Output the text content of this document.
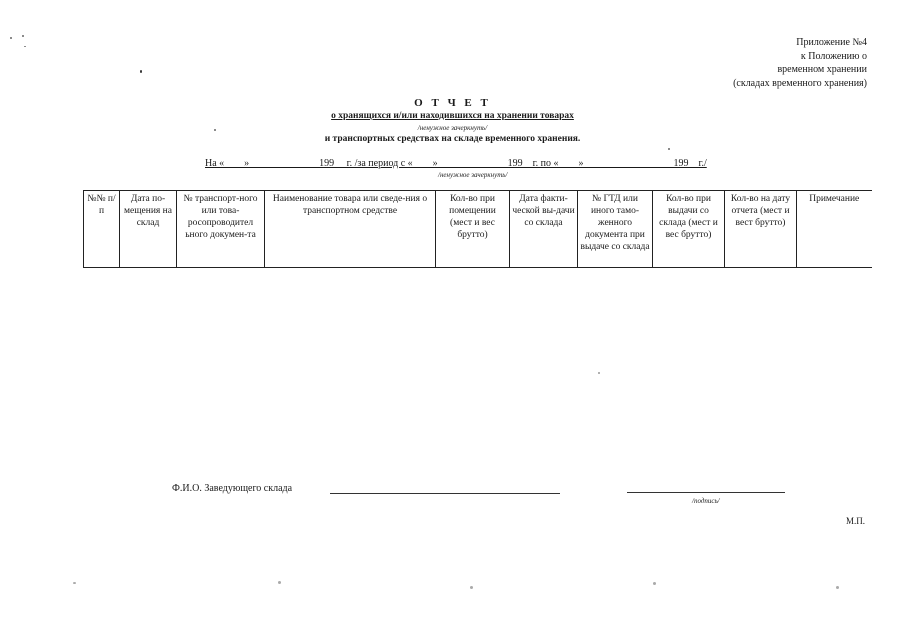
Приложение №4
к Положению о
временном хранении
(складах временного хранения)
О Т Ч Е Т
о хранящихся и/или находившихся на хранении товарах
/ненужное зачеркнуть/
и транспортных средствах на складе временного хранения.
На «____»______________199__ г. /за период с «____»______________199__г. по «____»__________________199__г./
/ненужное зачеркнуть/
№№ п/п	Дата по-мещения на склад	№ транспорт-ного или това-росопроводител ьного докумен-та	Наименование товара или сведе-ния о транспортном средстве	Кол-во при помещении (мест и вес брутто)	Дата факти-ческой вы-дачи со склада	№ ГТД или иного тамо-женного документа при выдаче со склада	Кол-во при выдачи со склада (мест и вес брутто)	Кол-во на дату отчета (мест и вест брутто)	Примечание
Ф.И.О. Заведующего склада
/подпись/
М.П.
